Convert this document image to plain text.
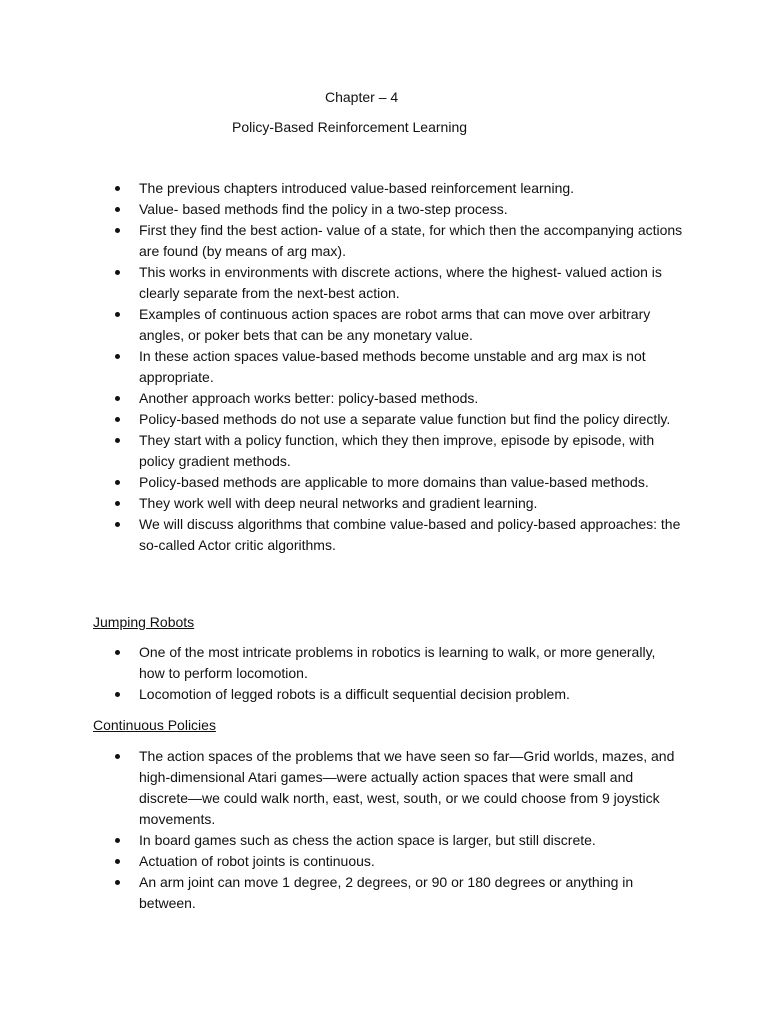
Chapter – 4
Policy-Based Reinforcement Learning
The previous chapters introduced value-based reinforcement learning.
Value- based methods find the policy in a two-step process.
First they find the best action- value of a state, for which then the accompanying actions are found (by means of arg max).
This works in environments with discrete actions, where the highest- valued action is clearly separate from the next-best action.
Examples of continuous action spaces are robot arms that can move over arbitrary angles, or poker bets that can be any monetary value.
In these action spaces value-based methods become unstable and arg max is not appropriate.
Another approach works better: policy-based methods.
Policy-based methods do not use a separate value function but find the policy directly.
They start with a policy function, which they then improve, episode by episode, with policy gradient methods.
Policy-based methods are applicable to more domains than value-based methods.
They work well with deep neural networks and gradient learning.
We will discuss algorithms that combine value-based and policy-based approaches: the so-called Actor critic algorithms.
Jumping Robots
One of the most intricate problems in robotics is learning to walk, or more generally, how to perform locomotion.
Locomotion of legged robots is a difficult sequential decision problem.
Continuous Policies
The action spaces of the problems that we have seen so far—Grid worlds, mazes, and high-dimensional Atari games—were actually action spaces that were small and discrete—we could walk north, east, west, south, or we could choose from 9 joystick movements.
In board games such as chess the action space is larger, but still discrete.
Actuation of robot joints is continuous.
An arm joint can move 1 degree, 2 degrees, or 90 or 180 degrees or anything in between.
